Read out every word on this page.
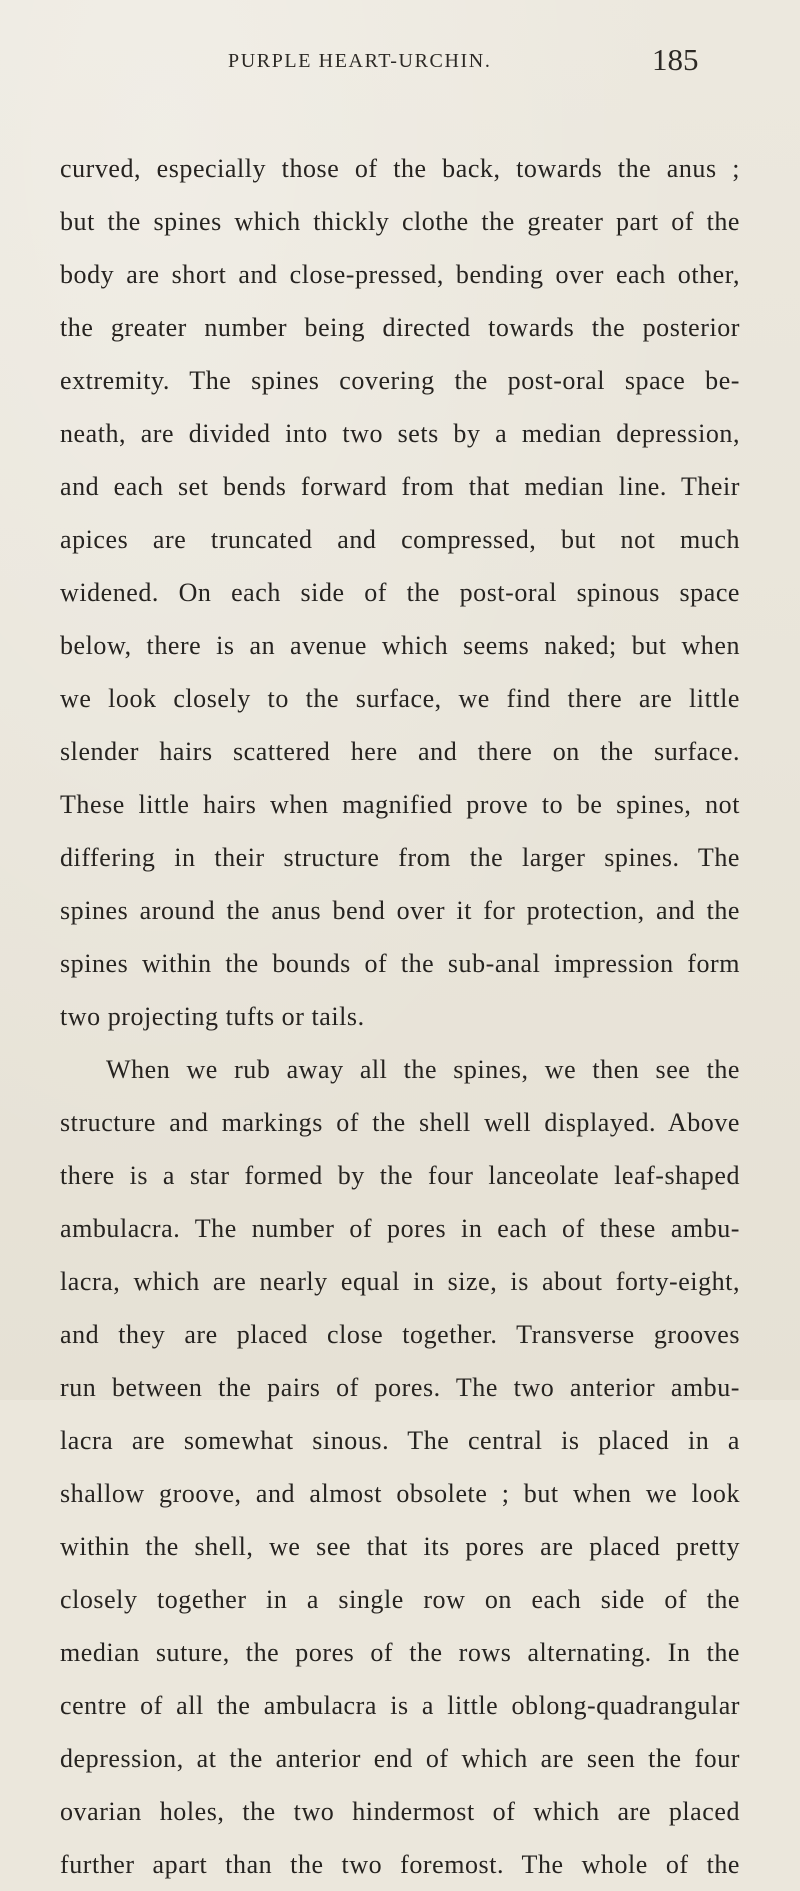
PURPLE HEART-URCHIN.	185
curved, especially those of the back, towards the anus ;
but the spines which thickly clothe the greater part of the
body are short and close-pressed, bending over each other,
the greater number being directed towards the posterior
extremity. The spines covering the post-oral space be-
neath, are divided into two sets by a median depression,
and each set bends forward from that median line. Their
apices are truncated and compressed, but not much
widened. On each side of the post-oral spinous space
below, there is an avenue which seems naked; but when
we look closely to the surface, we find there are little
slender hairs scattered here and there on the surface.
These little hairs when magnified prove to be spines, not
differing in their structure from the larger spines. The
spines around the anus bend over it for protection, and the
spines within the bounds of the sub-anal impression form
two projecting tufts or tails.
When we rub away all the spines, we then see the
structure and markings of the shell well displayed. Above
there is a star formed by the four lanceolate leaf-shaped
ambulacra. The number of pores in each of these ambu-
lacra, which are nearly equal in size, is about forty-eight,
and they are placed close together. Transverse grooves
run between the pairs of pores. The two anterior ambu-
lacra are somewhat sinous. The central is placed in a
shallow groove, and almost obsolete ; but when we look
within the shell, we see that its pores are placed pretty
closely together in a single row on each side of the
median suture, the pores of the rows alternating. In the
centre of all the ambulacra is a little oblong-quadrangular
depression, at the anterior end of which are seen the four
ovarian holes, the two hindermost of which are placed
further apart than the two foremost. The whole of the
